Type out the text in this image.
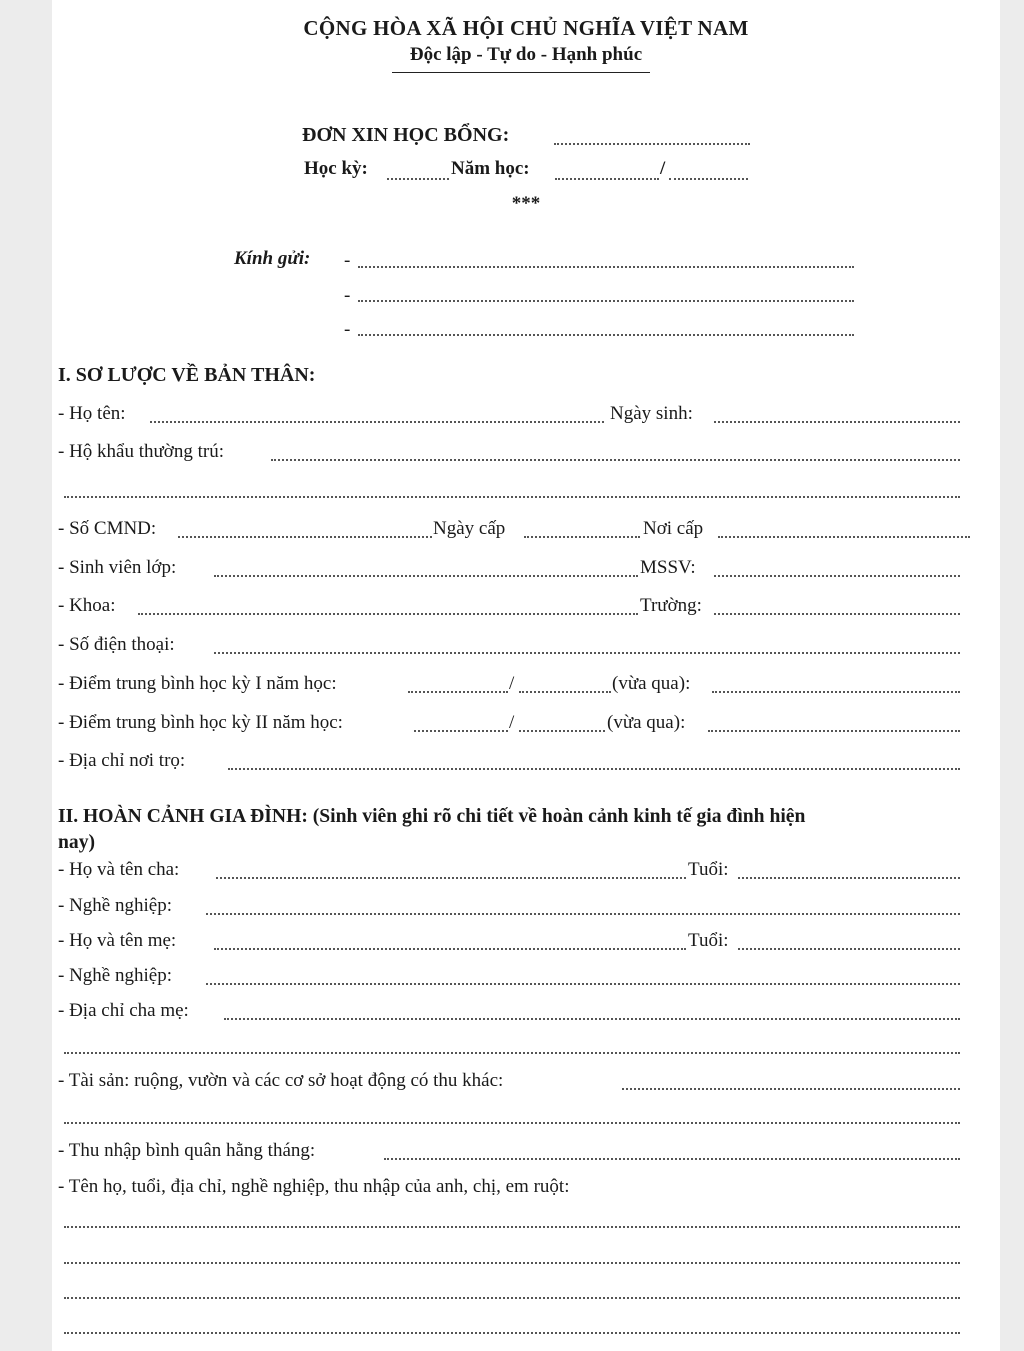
CỘNG HÒA XÃ HỘI CHỦ NGHĨA VIỆT NAM
Độc lập - Tự do - Hạnh phúc
ĐƠN XIN HỌC BỔNG:
Học kỳ:	Năm học:	/
***
Kính gửi: -
-
-
I. SƠ LƯỢC VỀ BẢN THÂN:
- Họ tên:	Ngày sinh:
- Hộ khẩu thường trú:
- Số CMND:	Ngày cấp	Nơi cấp
- Sinh viên lớp:	MSSV:
- Khoa:	Trường:
- Số điện thoại:
- Điểm trung bình học kỳ I năm học:	/	(vừa qua):
- Điểm trung bình học kỳ II năm học:	/	(vừa qua):
- Địa chỉ nơi trọ:
II. HOÀN CẢNH GIA ĐÌNH: (Sinh viên ghi rõ chi tiết về hoàn cảnh kinh tế gia đình hiện
nay)
- Họ và tên cha:	Tuổi:
- Nghề nghiệp:
- Họ và tên mẹ:	Tuổi:
- Nghề nghiệp:
- Địa chỉ cha mẹ:
- Tài sản: ruộng, vườn và các cơ sở hoạt động có thu khác:
- Thu nhập bình quân hằng tháng:
- Tên họ, tuổi, địa chỉ, nghề nghiệp, thu nhập của anh, chị, em ruột:
